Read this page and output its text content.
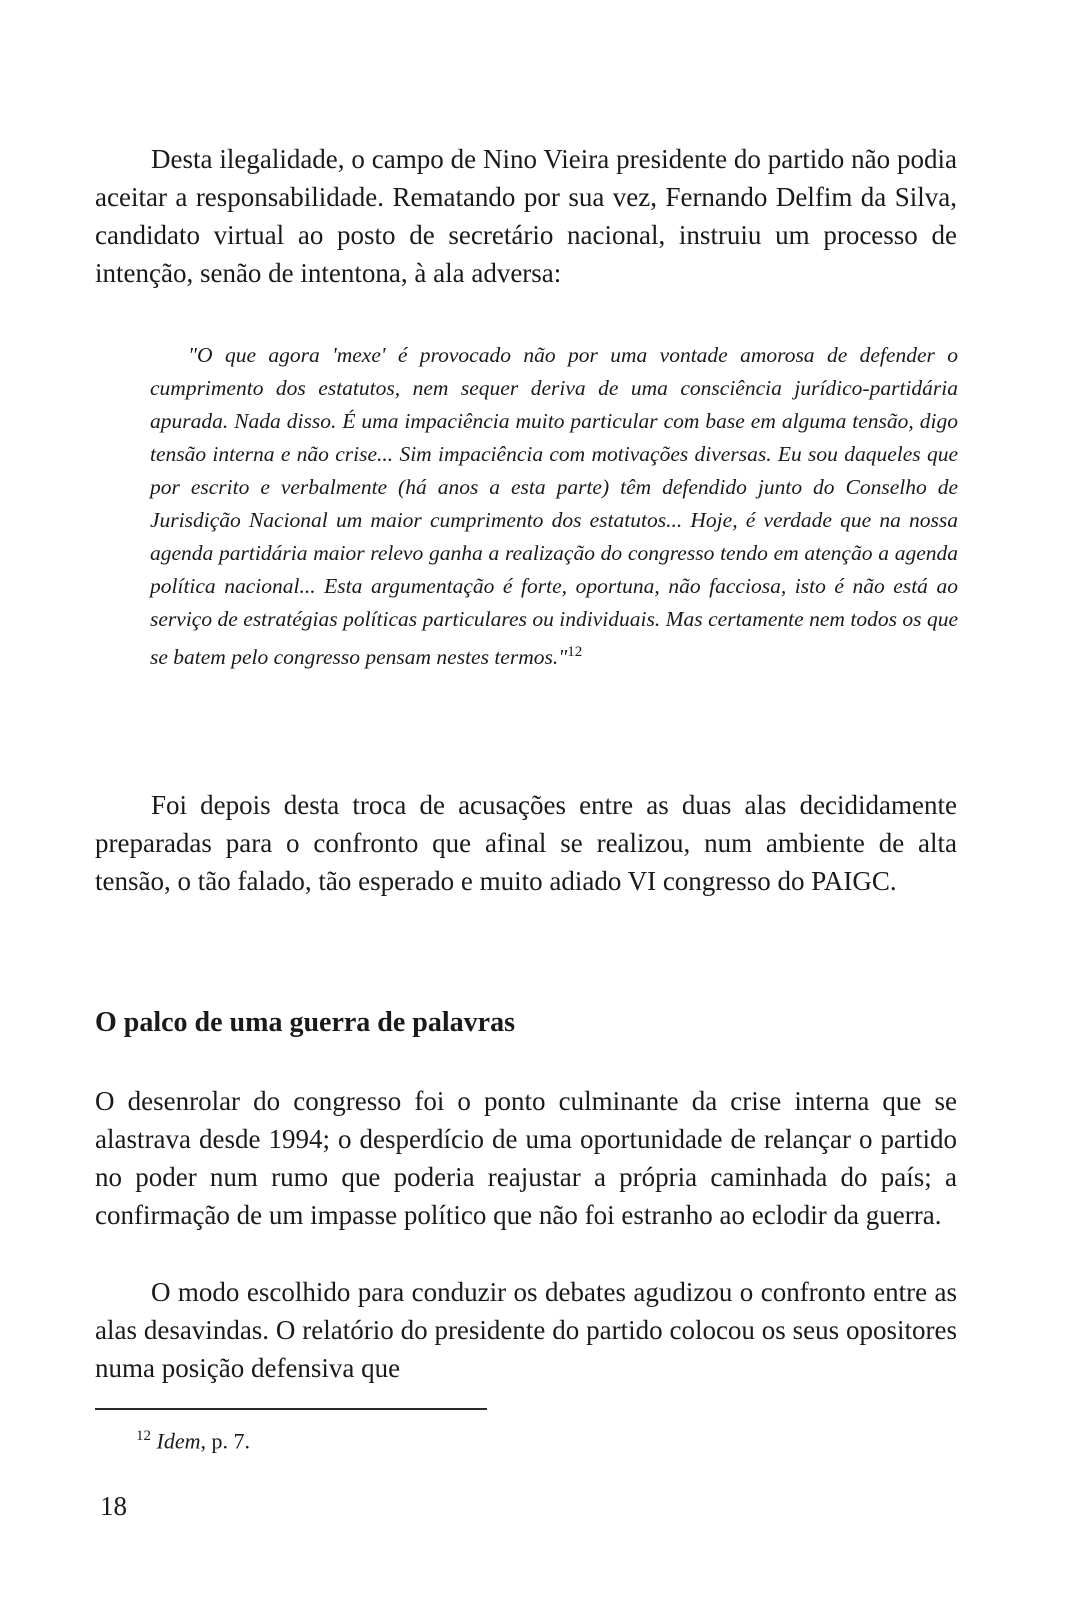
Desta ilegalidade, o campo de Nino Vieira presidente do partido não podia aceitar a responsabilidade. Rematando por sua vez, Fernando Delfim da Silva, candidato virtual ao posto de secretário nacional, instruiu um processo de intenção, senão de intentona, à ala adversa:

"O que agora 'mexe' é provocado não por uma vontade amorosa de defender o cumprimento dos estatutos, nem sequer deriva de uma consciência jurídico-partidária apurada. Nada disso. É uma impaciência muito particular com base em alguma tensão, digo tensão interna e não crise... Sim impaciência com motivações diversas. Eu sou daqueles que por escrito e verbalmente (há anos a esta parte) têm defendido junto do Conselho de Jurisdição Nacional um maior cumprimento dos estatutos... Hoje, é verdade que na nossa agenda partidária maior relevo ganha a realização do congresso tendo em atenção a agenda política nacional... Esta argumentação é forte, oportuna, não facciosa, isto é não está ao serviço de estratégias políticas particulares ou individuais. Mas certamente nem todos os que se batem pelo congresso pensam nestes termos."$^{12}$

Foi depois desta troca de acusações entre as duas alas decididamente preparadas para o confronto que afinal se realizou, num ambiente de alta tensão, o tão falado, tão esperado e muito adiado VI congresso do PAIGC.

O palco de uma guerra de palavras

O desenrolar do congresso foi o ponto culminante da crise interna que se alastrava desde 1994; o desperdício de uma oportunidade de relançar o partido no poder num rumo que poderia reajustar a própria caminhada do país; a confirmação de um impasse político que não foi estranho ao eclodir da guerra.

O modo escolhido para conduzir os debates agudizou o confronto entre as alas desavindas. O relatório do presidente do partido colocou os seus opositores numa posição defensiva que

$^{12}$ Idem, p. 7.

18
